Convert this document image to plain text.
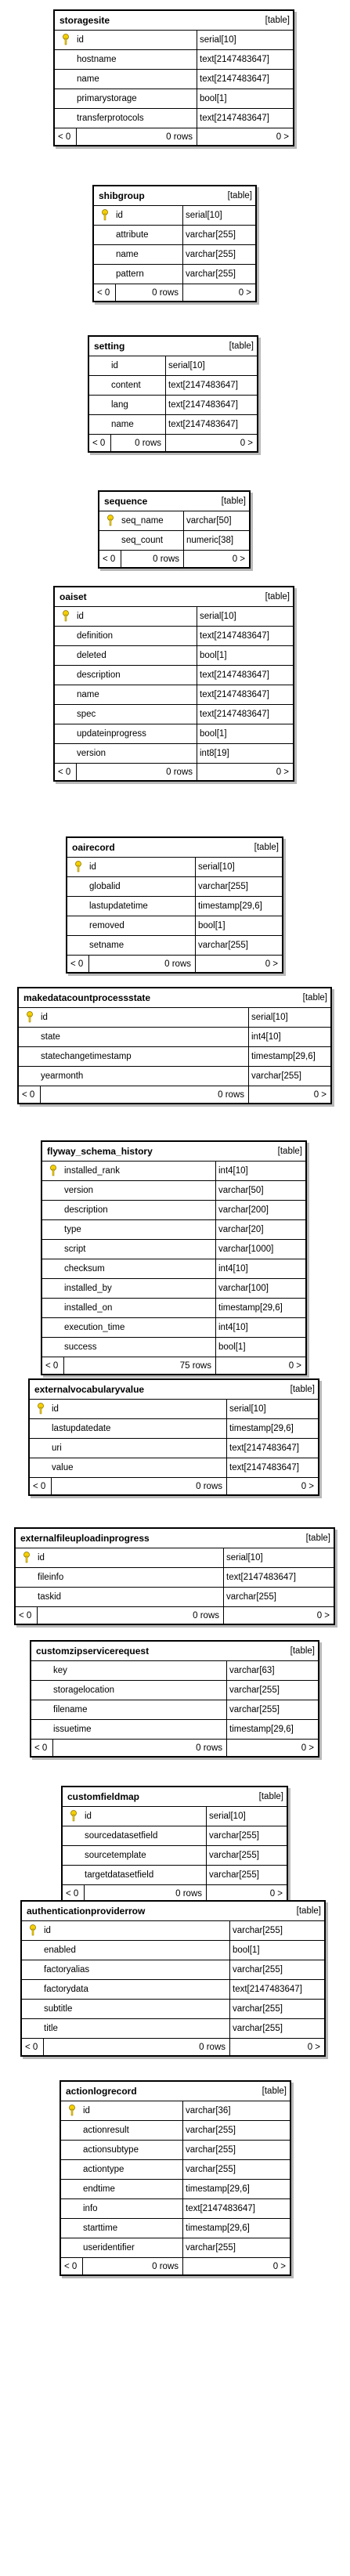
storagesite	[table]
id	serial[10]
hostname	text[2147483647]
name	text[2147483647]
primarystorage	bool[1]
transferprotocols	text[2147483647]
< 0	0 rows	0 >
shibgroup	[table]
id	serial[10]
attribute	varchar[255]
name	varchar[255]
pattern	varchar[255]
< 0	0 rows	0 >
setting	[table]
id	serial[10]
content	text[2147483647]
lang	text[2147483647]
name	text[2147483647]
< 0	0 rows	0 >
sequence	[table]
seq_name	varchar[50]
seq_count	numeric[38]
< 0	0 rows	0 >
oaiset	[table]
id	serial[10]
definition	text[2147483647]
deleted	bool[1]
description	text[2147483647]
name	text[2147483647]
spec	text[2147483647]
updateinprogress	bool[1]
version	int8[19]
< 0	0 rows	0 >
oairecord	[table]
id	serial[10]
globalid	varchar[255]
lastupdatetime	timestamp[29,6]
removed	bool[1]
setname	varchar[255]
< 0	0 rows	0 >
makedatacountprocessstate	[table]
id	serial[10]
state	int4[10]
statechangetimestamp	timestamp[29,6]
yearmonth	varchar[255]
< 0	0 rows	0 >
flyway_schema_history	[table]
installed_rank	int4[10]
version	varchar[50]
description	varchar[200]
type	varchar[20]
script	varchar[1000]
checksum	int4[10]
installed_by	varchar[100]
installed_on	timestamp[29,6]
execution_time	int4[10]
success	bool[1]
< 0	75 rows	0 >
externalvocabularyvalue	[table]
id	serial[10]
lastupdatedate	timestamp[29,6]
uri	text[2147483647]
value	text[2147483647]
< 0	0 rows	0 >
externalfileuploadinprogress	[table]
id	serial[10]
fileinfo	text[2147483647]
taskid	varchar[255]
< 0	0 rows	0 >
customzipservicerequest	[table]
key	varchar[63]
storagelocation	varchar[255]
filename	varchar[255]
issuetime	timestamp[29,6]
< 0	0 rows	0 >
customfieldmap	[table]
id	serial[10]
sourcedatasetfield	varchar[255]
sourcetemplate	varchar[255]
targetdatasetfield	varchar[255]
< 0	0 rows	0 >
authenticationproviderrow	[table]
id	varchar[255]
enabled	bool[1]
factoryalias	varchar[255]
factorydata	text[2147483647]
subtitle	varchar[255]
title	varchar[255]
< 0	0 rows	0 >
actionlogrecord	[table]
id	varchar[36]
actionresult	varchar[255]
actionsubtype	varchar[255]
actiontype	varchar[255]
endtime	timestamp[29,6]
info	text[2147483647]
starttime	timestamp[29,6]
useridentifier	varchar[255]
< 0	0 rows	0 >
